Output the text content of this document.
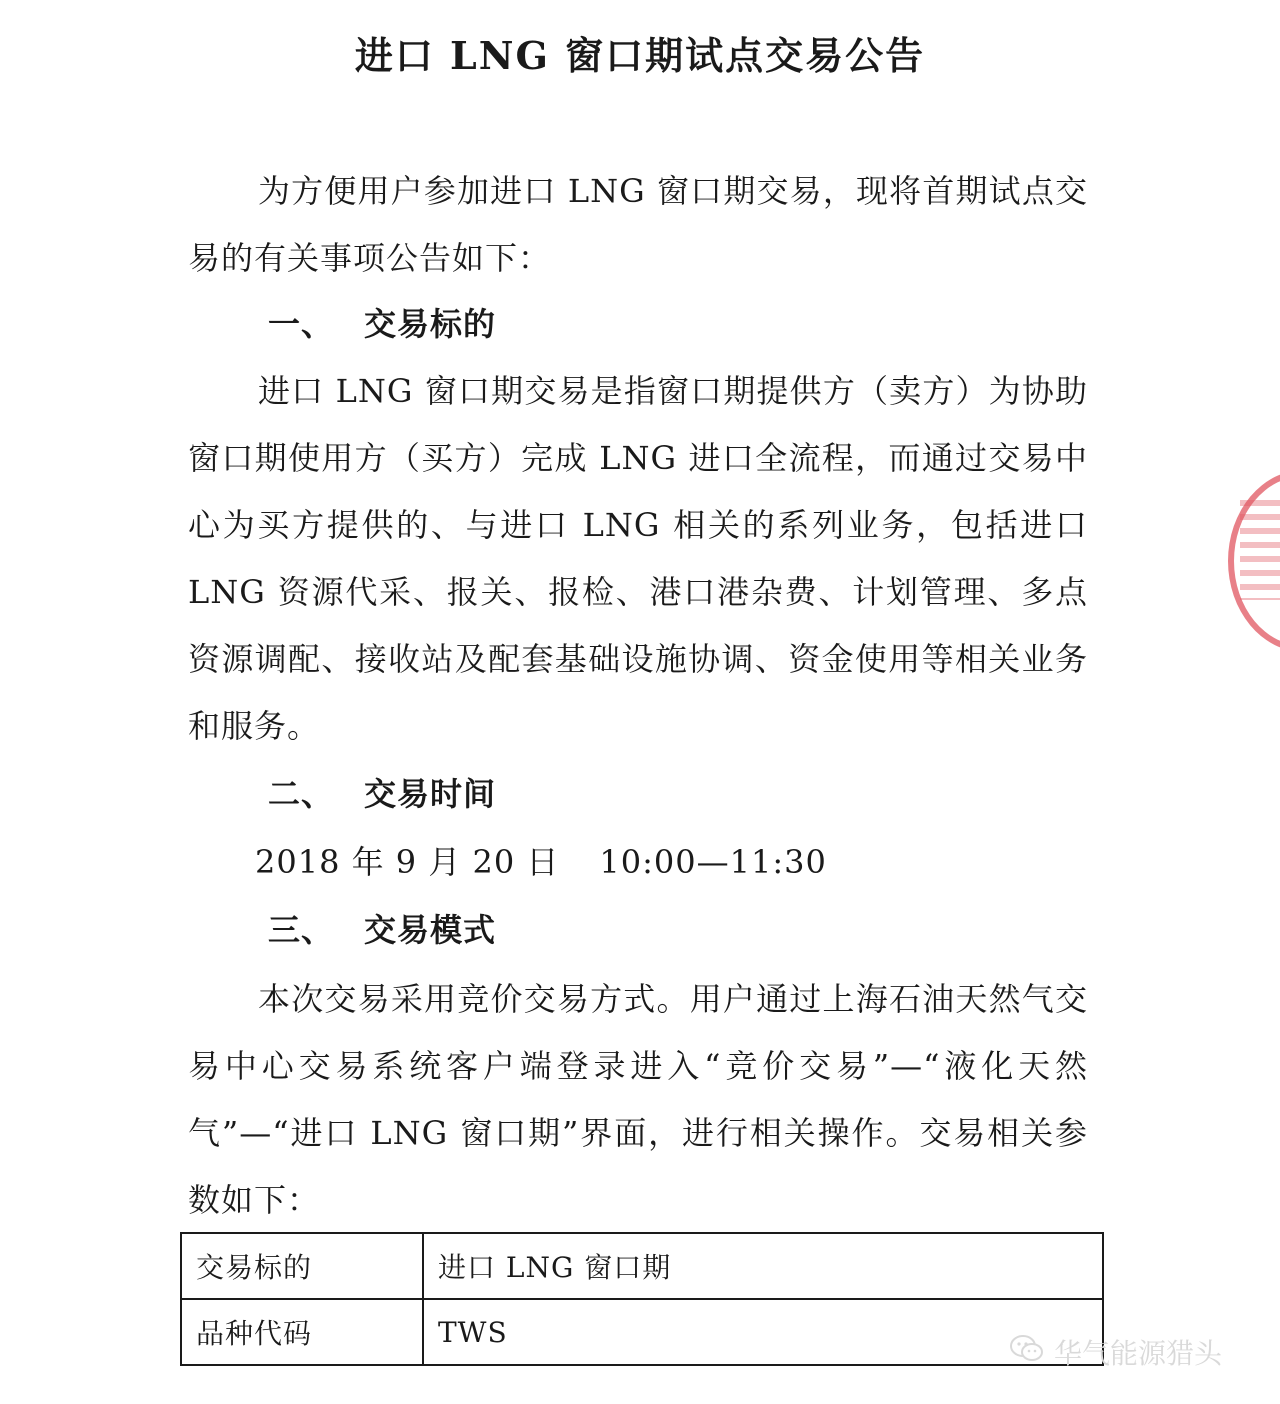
进口 LNG 窗口期试点交易公告
为方便用户参加进口 LNG 窗口期交易，现将首期试点交易的有关事项公告如下：
一、 交易标的
进口 LNG 窗口期交易是指窗口期提供方（卖方）为协助窗口期使用方（买方）完成 LNG 进口全流程，而通过交易中心为买方提供的、与进口 LNG 相关的系列业务，包括进口 LNG 资源代采、报关、报检、港口港杂费、计划管理、多点资源调配、接收站及配套基础设施协调、资金使用等相关业务和服务。
二、 交易时间
2018 年 9 月 20 日 10:00—11:30
三、 交易模式
本次交易采用竞价交易方式。用户通过上海石油天然气交易中心交易系统客户端登录进入“竞价交易”—“液化天然气”—“进口 LNG 窗口期”界面，进行相关操作。交易相关参数如下：
交易标的	进口 LNG 窗口期
品种代码	TWS
华气能源猎头
